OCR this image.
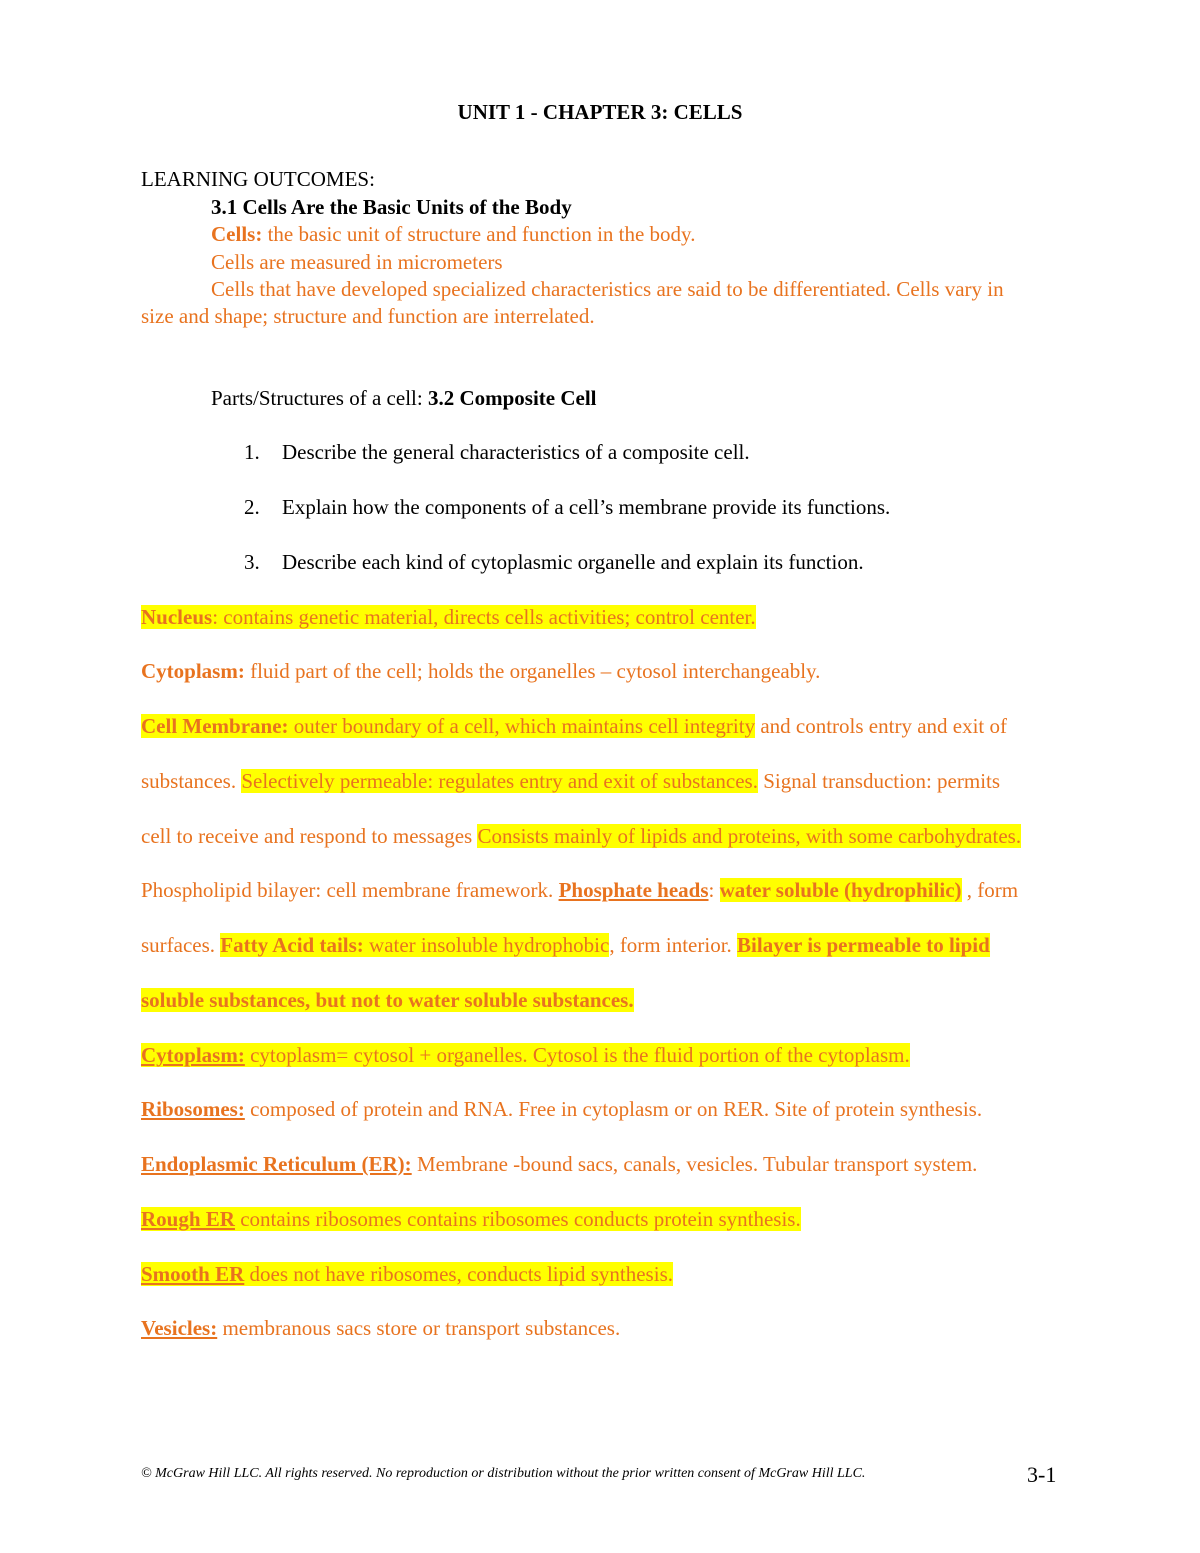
UNIT 1 - CHAPTER 3: CELLS
LEARNING OUTCOMES:
3.1 Cells Are the Basic Units of the Body
Cells: the basic unit of structure and function in the body.
Cells are measured in micrometers
Cells that have developed specialized characteristics are said to be differentiated. Cells vary in
size and shape; structure and function are interrelated.
Parts/Structures of a cell: 3.2 Composite Cell
1. Describe the general characteristics of a composite cell.
2. Explain how the components of a cell’s membrane provide its functions.
3. Describe each kind of cytoplasmic organelle and explain its function.
Nucleus: contains genetic material, directs cells activities; control center.
Cytoplasm: fluid part of the cell; holds the organelles – cytosol interchangeably.
Cell Membrane: outer boundary of a cell, which maintains cell integrity and controls entry and exit of
substances. Selectively permeable: regulates entry and exit of substances. Signal transduction: permits
cell to receive and respond to messages Consists mainly of lipids and proteins, with some carbohydrates.
Phospholipid bilayer: cell membrane framework. Phosphate heads: water soluble (hydrophilic) , form
surfaces. Fatty Acid tails: water insoluble hydrophobic, form interior. Bilayer is permeable to lipid
soluble substances, but not to water soluble substances.
Cytoplasm: cytoplasm= cytosol + organelles. Cytosol is the fluid portion of the cytoplasm.
Ribosomes: composed of protein and RNA. Free in cytoplasm or on RER. Site of protein synthesis.
Endoplasmic Reticulum (ER): Membrane -bound sacs, canals, vesicles. Tubular transport system.
Rough ER contains ribosomes contains ribosomes conducts protein synthesis.
Smooth ER does not have ribosomes, conducts lipid synthesis.
Vesicles: membranous sacs store or transport substances.
© McGraw Hill LLC. All rights reserved. No reproduction or distribution without the prior written consent of McGraw Hill LLC.	3-1
